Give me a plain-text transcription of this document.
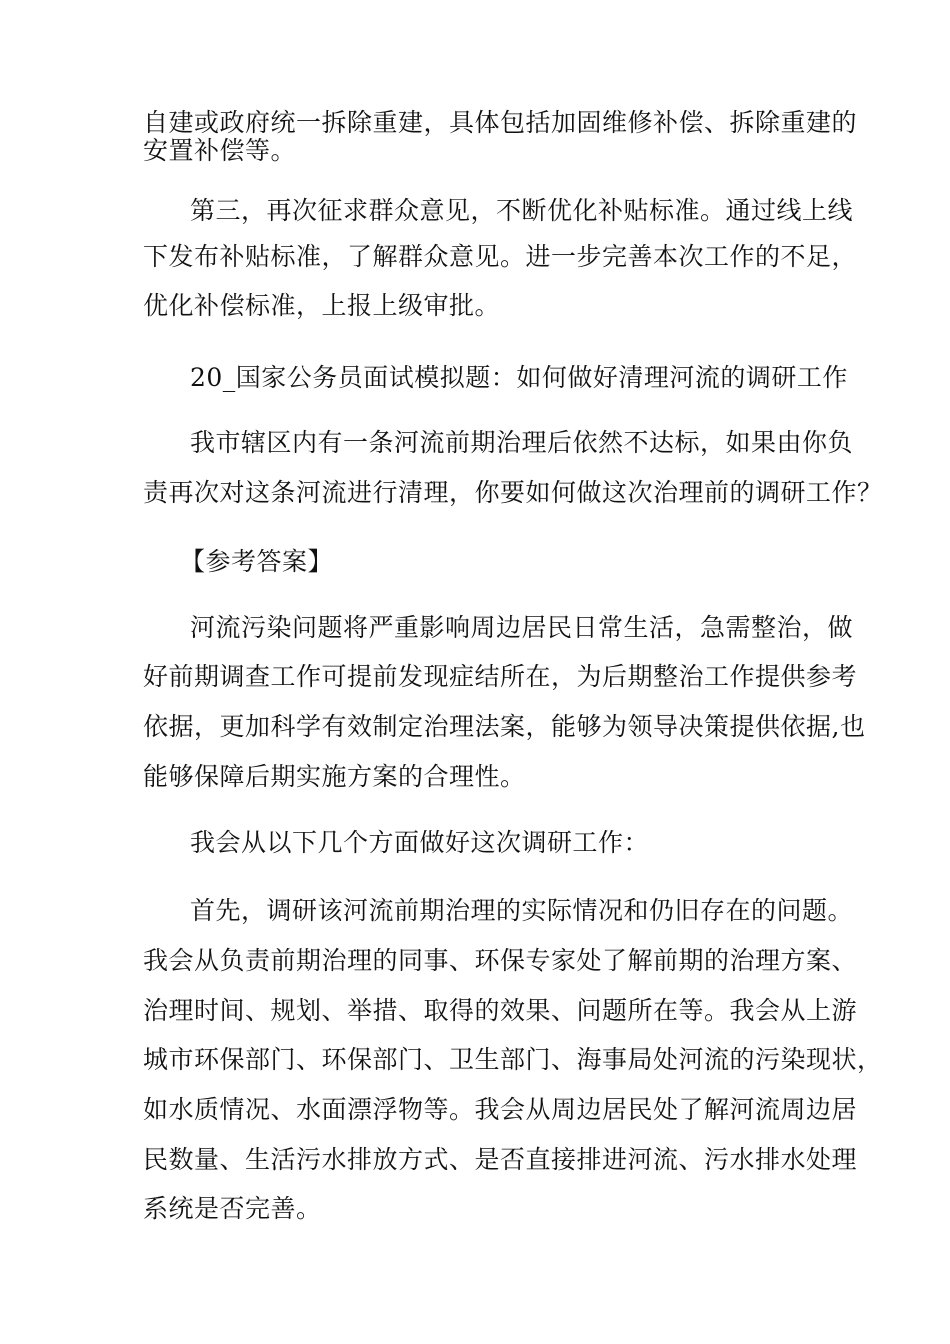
自建或政府统一拆除重建，具体包括加固维修补偿、拆除重建的
安置补偿等。
第三，再次征求群众意见，不断优化补贴标准。通过线上线
下发布补贴标准，了解群众意见。进一步完善本次工作的不足，
优化补偿标准，上报上级审批。
20_国家公务员面试模拟题：如何做好清理河流的调研工作
我市辖区内有一条河流前期治理后依然不达标，如果由你负
责再次对这条河流进行清理，你要如何做这次治理前的调研工作？
【参考答案】
河流污染问题将严重影响周边居民日常生活，急需整治，做
好前期调查工作可提前发现症结所在，为后期整治工作提供参考
依据，更加科学有效制定治理法案，能够为领导决策提供依据,也
能够保障后期实施方案的合理性。
我会从以下几个方面做好这次调研工作：
首先，调研该河流前期治理的实际情况和仍旧存在的问题。
我会从负责前期治理的同事、环保专家处了解前期的治理方案、
治理时间、规划、举措、取得的效果、问题所在等。我会从上游
城市环保部门、环保部门、卫生部门、海事局处河流的污染现状，
如水质情况、水面漂浮物等。我会从周边居民处了解河流周边居
民数量、生活污水排放方式、是否直接排进河流、污水排水处理
系统是否完善。
